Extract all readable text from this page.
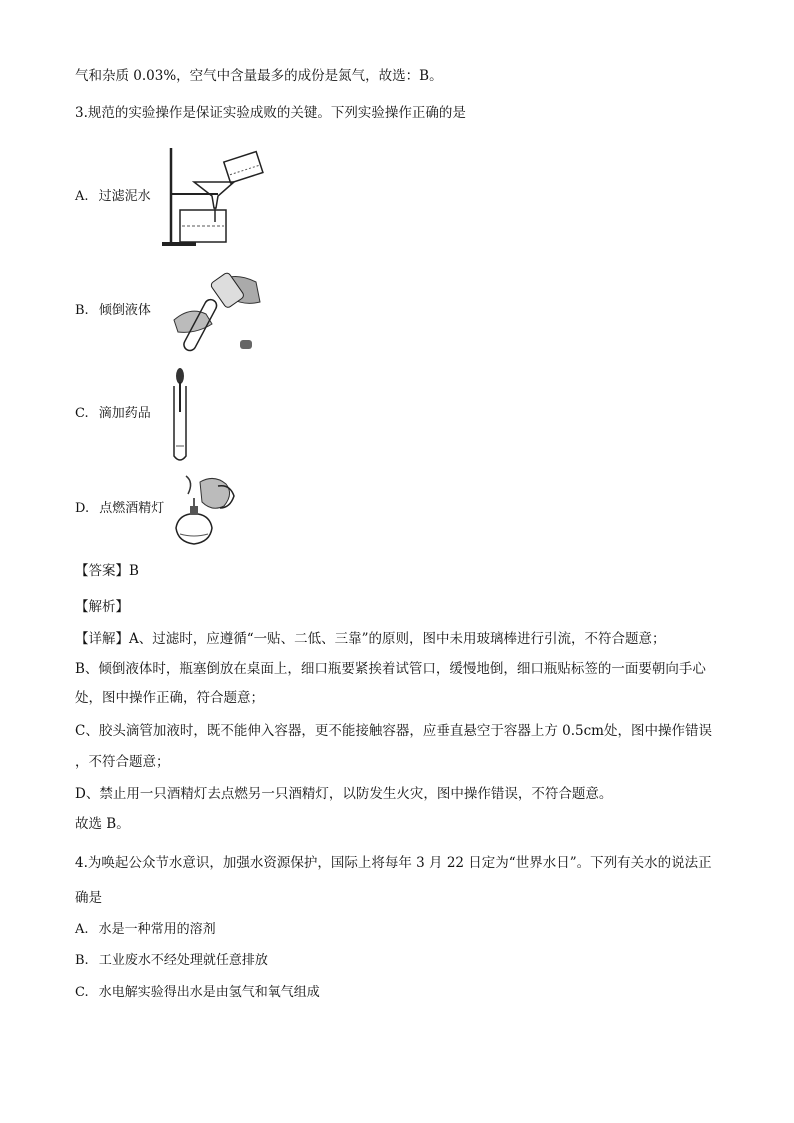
气和杂质 0.03%，空气中含量最多的成份是氮气，故选：B。
3.规范的实验操作是保证实验成败的关键。下列实验操作正确的是
A. 过滤泥水
B. 倾倒液体
C. 滴加药品
D. 点燃酒精灯
【答案】B
【解析】
【详解】A、过滤时，应遵循“一贴、二低、三靠”的原则，图中未用玻璃棒进行引流，不符合题意；
B、倾倒液体时，瓶塞倒放在桌面上，细口瓶要紧挨着试管口，缓慢地倒，细口瓶贴标签的一面要朝向手心
处，图中操作正确，符合题意；
C、胶头滴管加液时，既不能伸入容器，更不能接触容器，应垂直悬空于容器上方 0.5cm处，图中操作错误
，不符合题意；
D、禁止用一只酒精灯去点燃另一只酒精灯，以防发生火灾，图中操作错误，不符合题意。
故选 B。
4.为唤起公众节水意识，加强水资源保护，国际上将每年 3 月 22 日定为“世界水日”。下列有关水的说法正
确是
A. 水是一种常用的溶剂
B. 工业废水不经处理就任意排放
C. 水电解实验得出水是由氢气和氧气组成
